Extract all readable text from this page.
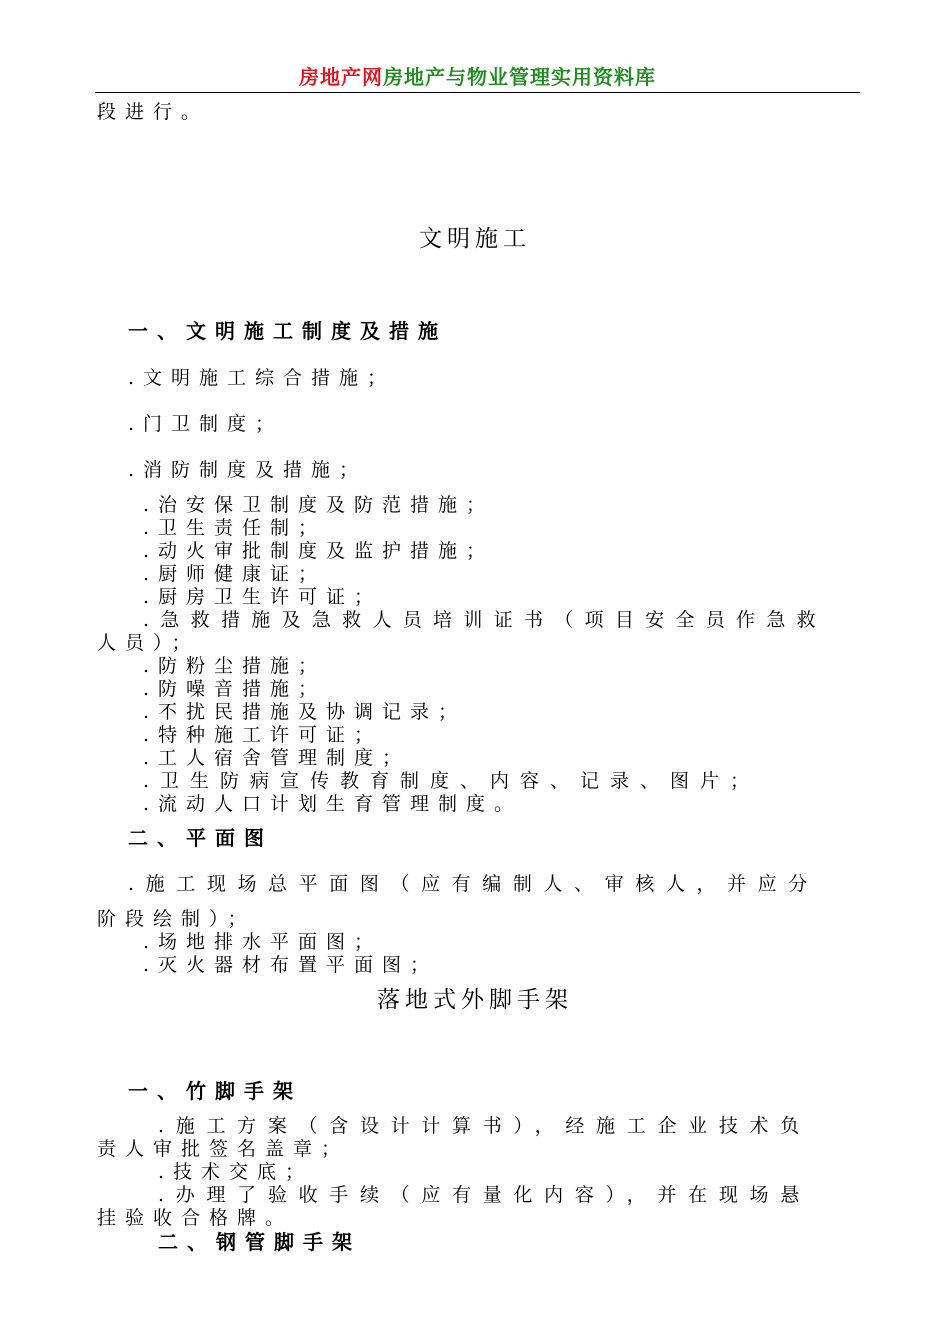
房地产网房地产与物业管理实用资料库
段进行。
文明施工
一、文明施工制度及措施
.文明施工综合措施；
.门卫制度；
.消防制度及措施；
.治安保卫制度及防范措施；
.卫生责任制；
.动火审批制度及监护措施；
.厨师健康证；
.厨房卫生许可证；
.急救措施及急救人员培训证书（项目安全员作急救
人员）；
.防粉尘措施；
.防噪音措施；
.不扰民措施及协调记录；
.特种施工许可证；
.工人宿舍管理制度；
.卫生防病宣传教育制度、内容、记录、图片；
.流动人口计划生育管理制度。
二、平面图
.施工现场总平面图（应有编制人、审核人，并应分
阶段绘制）；
.场地排水平面图；
.灭火器材布置平面图；
落地式外脚手架
一、竹脚手架
.施工方案（含设计计算书），经施工企业技术负
责人审批签名盖章；
.技术交底；
.办理了验收手续（应有量化内容），并在现场悬
挂验收合格牌。
二、钢管脚手架
